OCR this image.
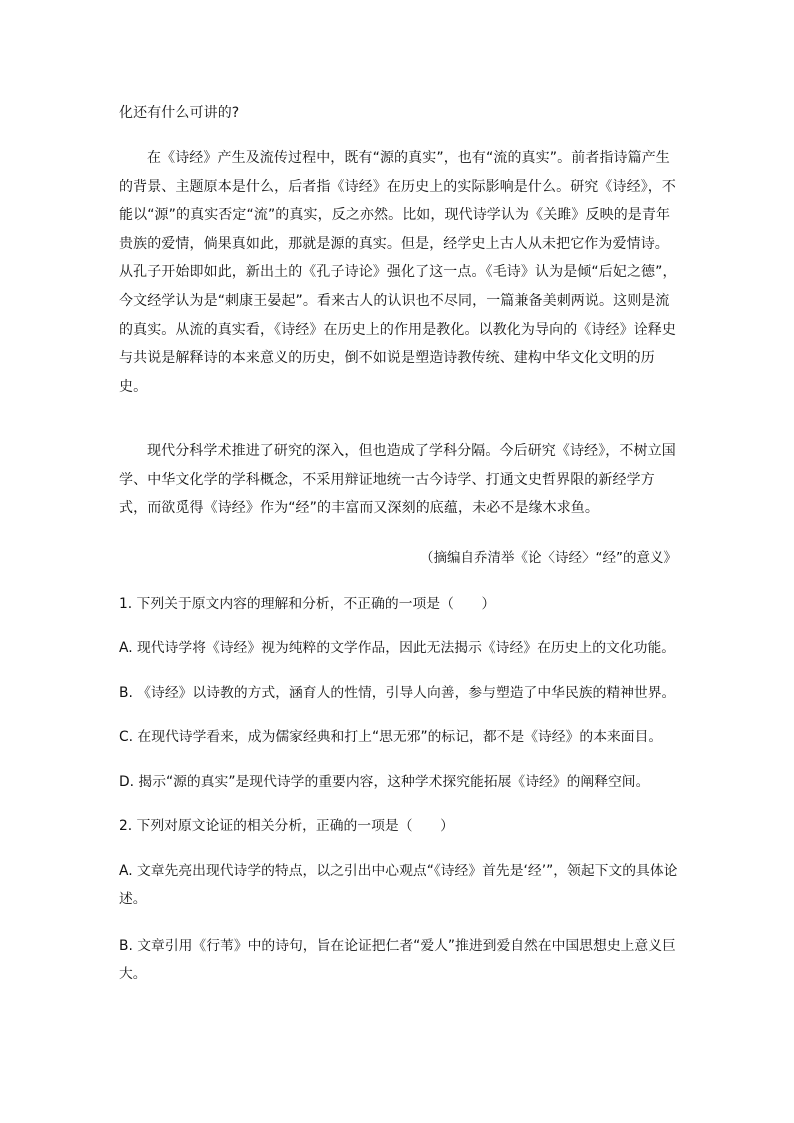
化还有什么可讲的?

在《诗经》产生及流传过程中，既有“源的真实”，也有“流的真实”。前者指诗篇产生的背景、主题原本是什么，后者指《诗经》在历史上的实际影响是什么。研究《诗经》，不能以“源”的真实否定“流”的真实，反之亦然。比如，现代诗学认为《关雎》反映的是青年贵族的爱情，倘果真如此，那就是源的真实。但是，经学史上古人从未把它作为爱情诗。从孔子开始即如此，新出土的《孔子诗论》强化了这一点。《毛诗》认为是倾“后妃之德”，今文经学认为是“刺康王晏起”。看来古人的认识也不尽同，一篇兼备美刺两说。这则是流的真实。从流的真实看，《诗经》在历史上的作用是教化。以教化为导向的《诗经》诠释史与共说是解释诗的本来意义的历史，倒不如说是塑造诗教传统、建构中华文化文明的历史。

现代分科学术推进了研究的深入，但也造成了学科分隔。今后研究《诗经》，不树立国学、中华文化学的学科概念，不采用辩证地统一古今诗学、打通文史哲界限的新经学方式，而欲觅得《诗经》作为“经”的丰富而又深刻的底蕴，未必不是缘木求鱼。

（摘编自乔清举《论〈诗经〉“经”的意义》

1. 下列关于原文内容的理解和分析，不正确的一项是（　　）

A. 现代诗学将《诗经》视为纯粹的文学作品，因此无法揭示《诗经》在历史上的文化功能。

B. 《诗经》以诗教的方式，涵育人的性情，引导人向善，参与塑造了中华民族的精神世界。

C. 在现代诗学看来，成为儒家经典和打上“思无邪”的标记，都不是《诗经》的本来面目。

D. 揭示“源的真实”是现代诗学的重要内容，这种学术探究能拓展《诗经》的阐释空间。

2. 下列对原文论证的相关分析，正确的一项是（　　）

A. 文章先亮出现代诗学的特点，以之引出中心观点“《诗经》首先是‘经’”，领起下文的具体论述。

B. 文章引用《行苇》中的诗句，旨在论证把仁者“爱人”推进到爱自然在中国思想史上意义巨大。
